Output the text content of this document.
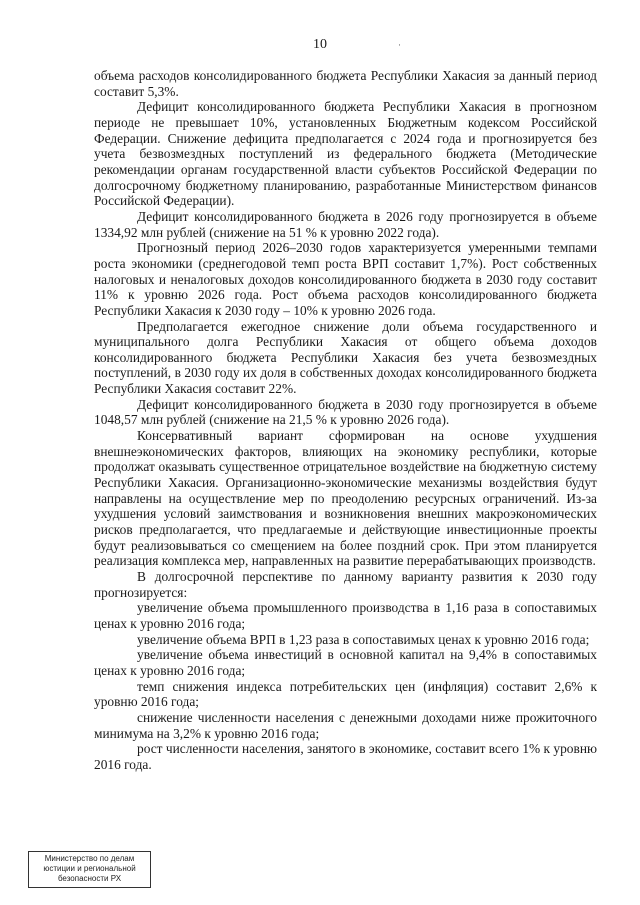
10	·

объема расходов консолидированного бюджета Республики Хакасия за данный период составит 5,3%.

Дефицит консолидированного бюджета Республики Хакасия в прогнозном периоде не превышает 10%, установленных Бюджетным кодексом Российской Федерации. Снижение дефицита предполагается с 2024 года и прогнозируется без учета безвозмездных поступлений из федерального бюджета (Методические рекомендации органам государственной власти субъектов Российской Федерации по долгосрочному бюджетному планированию, разработанные Министерством финансов Российской Федерации).

Дефицит консолидированного бюджета в 2026 году прогнозируется в объеме 1334,92 млн рублей (снижение на 51 % к уровню 2022 года).

Прогнозный период 2026–2030 годов характеризуется умеренными темпами роста экономики (среднегодовой темп роста ВРП составит 1,7%). Рост собственных налоговых и неналоговых доходов консолидированного бюджета в 2030 году составит 11% к уровню 2026 года. Рост объема расходов консолидированного бюджета Республики Хакасия к 2030 году – 10% к уровню 2026 года.

Предполагается ежегодное снижение доли объема государственного и муниципального долга Республики Хакасия от общего объема доходов консолидированного бюджета Республики Хакасия без учета безвозмездных поступлений, в 2030 году их доля в собственных доходах консолидированного бюджета Республики Хакасия составит 22%.

Дефицит консолидированного бюджета в 2030 году прогнозируется в объеме 1048,57 млн рублей (снижение на 21,5 % к уровню 2026 года).

Консервативный вариант сформирован на основе ухудшения внешнеэкономических факторов, влияющих на экономику республики, которые продолжат оказывать существенное отрицательное воздействие на бюджетную систему Республики Хакасия. Организационно-экономические механизмы воздействия будут направлены на осуществление мер по преодолению ресурсных ограничений. Из-за ухудшения условий заимствования и возникновения внешних макроэкономических рисков предполагается, что предлагаемые и действующие инвестиционные проекты будут реализовываться со смещением на более поздний срок. При этом планируется реализация комплекса мер, направленных на развитие перерабатывающих производств.

В долгосрочной перспективе по данному варианту развития к 2030 году прогнозируется:

увеличение объема промышленного производства в 1,16 раза в сопоставимых ценах к уровню 2016 года;

увеличение объема ВРП в 1,23 раза в сопоставимых ценах к уровню 2016 года;

увеличение объема инвестиций в основной капитал на 9,4% в сопоставимых ценах к уровню 2016 года;

темп снижения индекса потребительских цен (инфляция) составит 2,6% к уровню 2016 года;

снижение численности населения с денежными доходами ниже прожиточного минимума на 3,2% к уровню 2016 года;

рост численности населения, занятого в экономике, составит всего 1% к уровню 2016 года.

Министерство по делам
юстиции и региональной
безопасности РХ
